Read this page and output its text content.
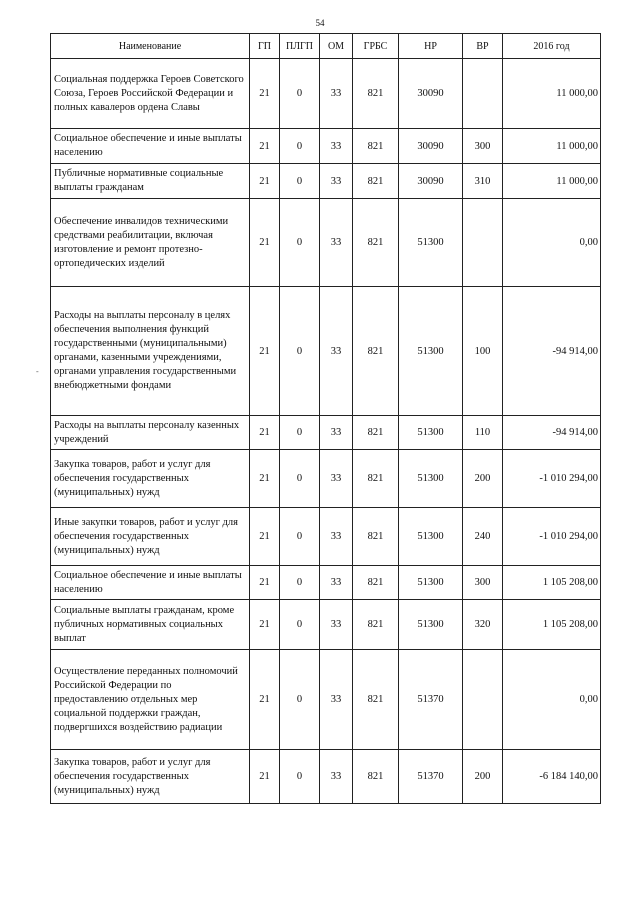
54
-
Наименование	ГП	ПЛГП	ОМ	ГРБС	НР	ВР	2016 год
Социальная поддержка Героев Советского Союза, Героев Российской Федерации и полных кавалеров ордена Славы	21	0	33	821	30090		11 000,00
Социальное обеспечение и иные выплаты населению	21	0	33	821	30090	300	11 000,00
Публичные нормативные социальные выплаты гражданам	21	0	33	821	30090	310	11 000,00
Обеспечение инвалидов техническими средствами реабилитации, включая изготовление и ремонт протезно-ортопедических изделий	21	0	33	821	51300		0,00
Расходы на выплаты персоналу в целях обеспечения выполнения функций государственными (муниципальными) органами, казенными учреждениями, органами управления государственными внебюджетными фондами	21	0	33	821	51300	100	-94 914,00
Расходы на выплаты персоналу казенных учреждений	21	0	33	821	51300	110	-94 914,00
Закупка товаров, работ и услуг для обеспечения государственных (муниципальных) нужд	21	0	33	821	51300	200	-1 010 294,00
Иные закупки товаров, работ и услуг для обеспечения государственных (муниципальных) нужд	21	0	33	821	51300	240	-1 010 294,00
Социальное обеспечение и иные выплаты населению	21	0	33	821	51300	300	1 105 208,00
Социальные выплаты гражданам, кроме публичных нормативных социальных выплат	21	0	33	821	51300	320	1 105 208,00
Осуществление переданных полномочий Российской Федерации по предоставлению отдельных мер социальной поддержки граждан, подвергшихся воздействию радиации	21	0	33	821	51370		0,00
Закупка товаров, работ и услуг для обеспечения государственных (муниципальных) нужд	21	0	33	821	51370	200	-6 184 140,00
